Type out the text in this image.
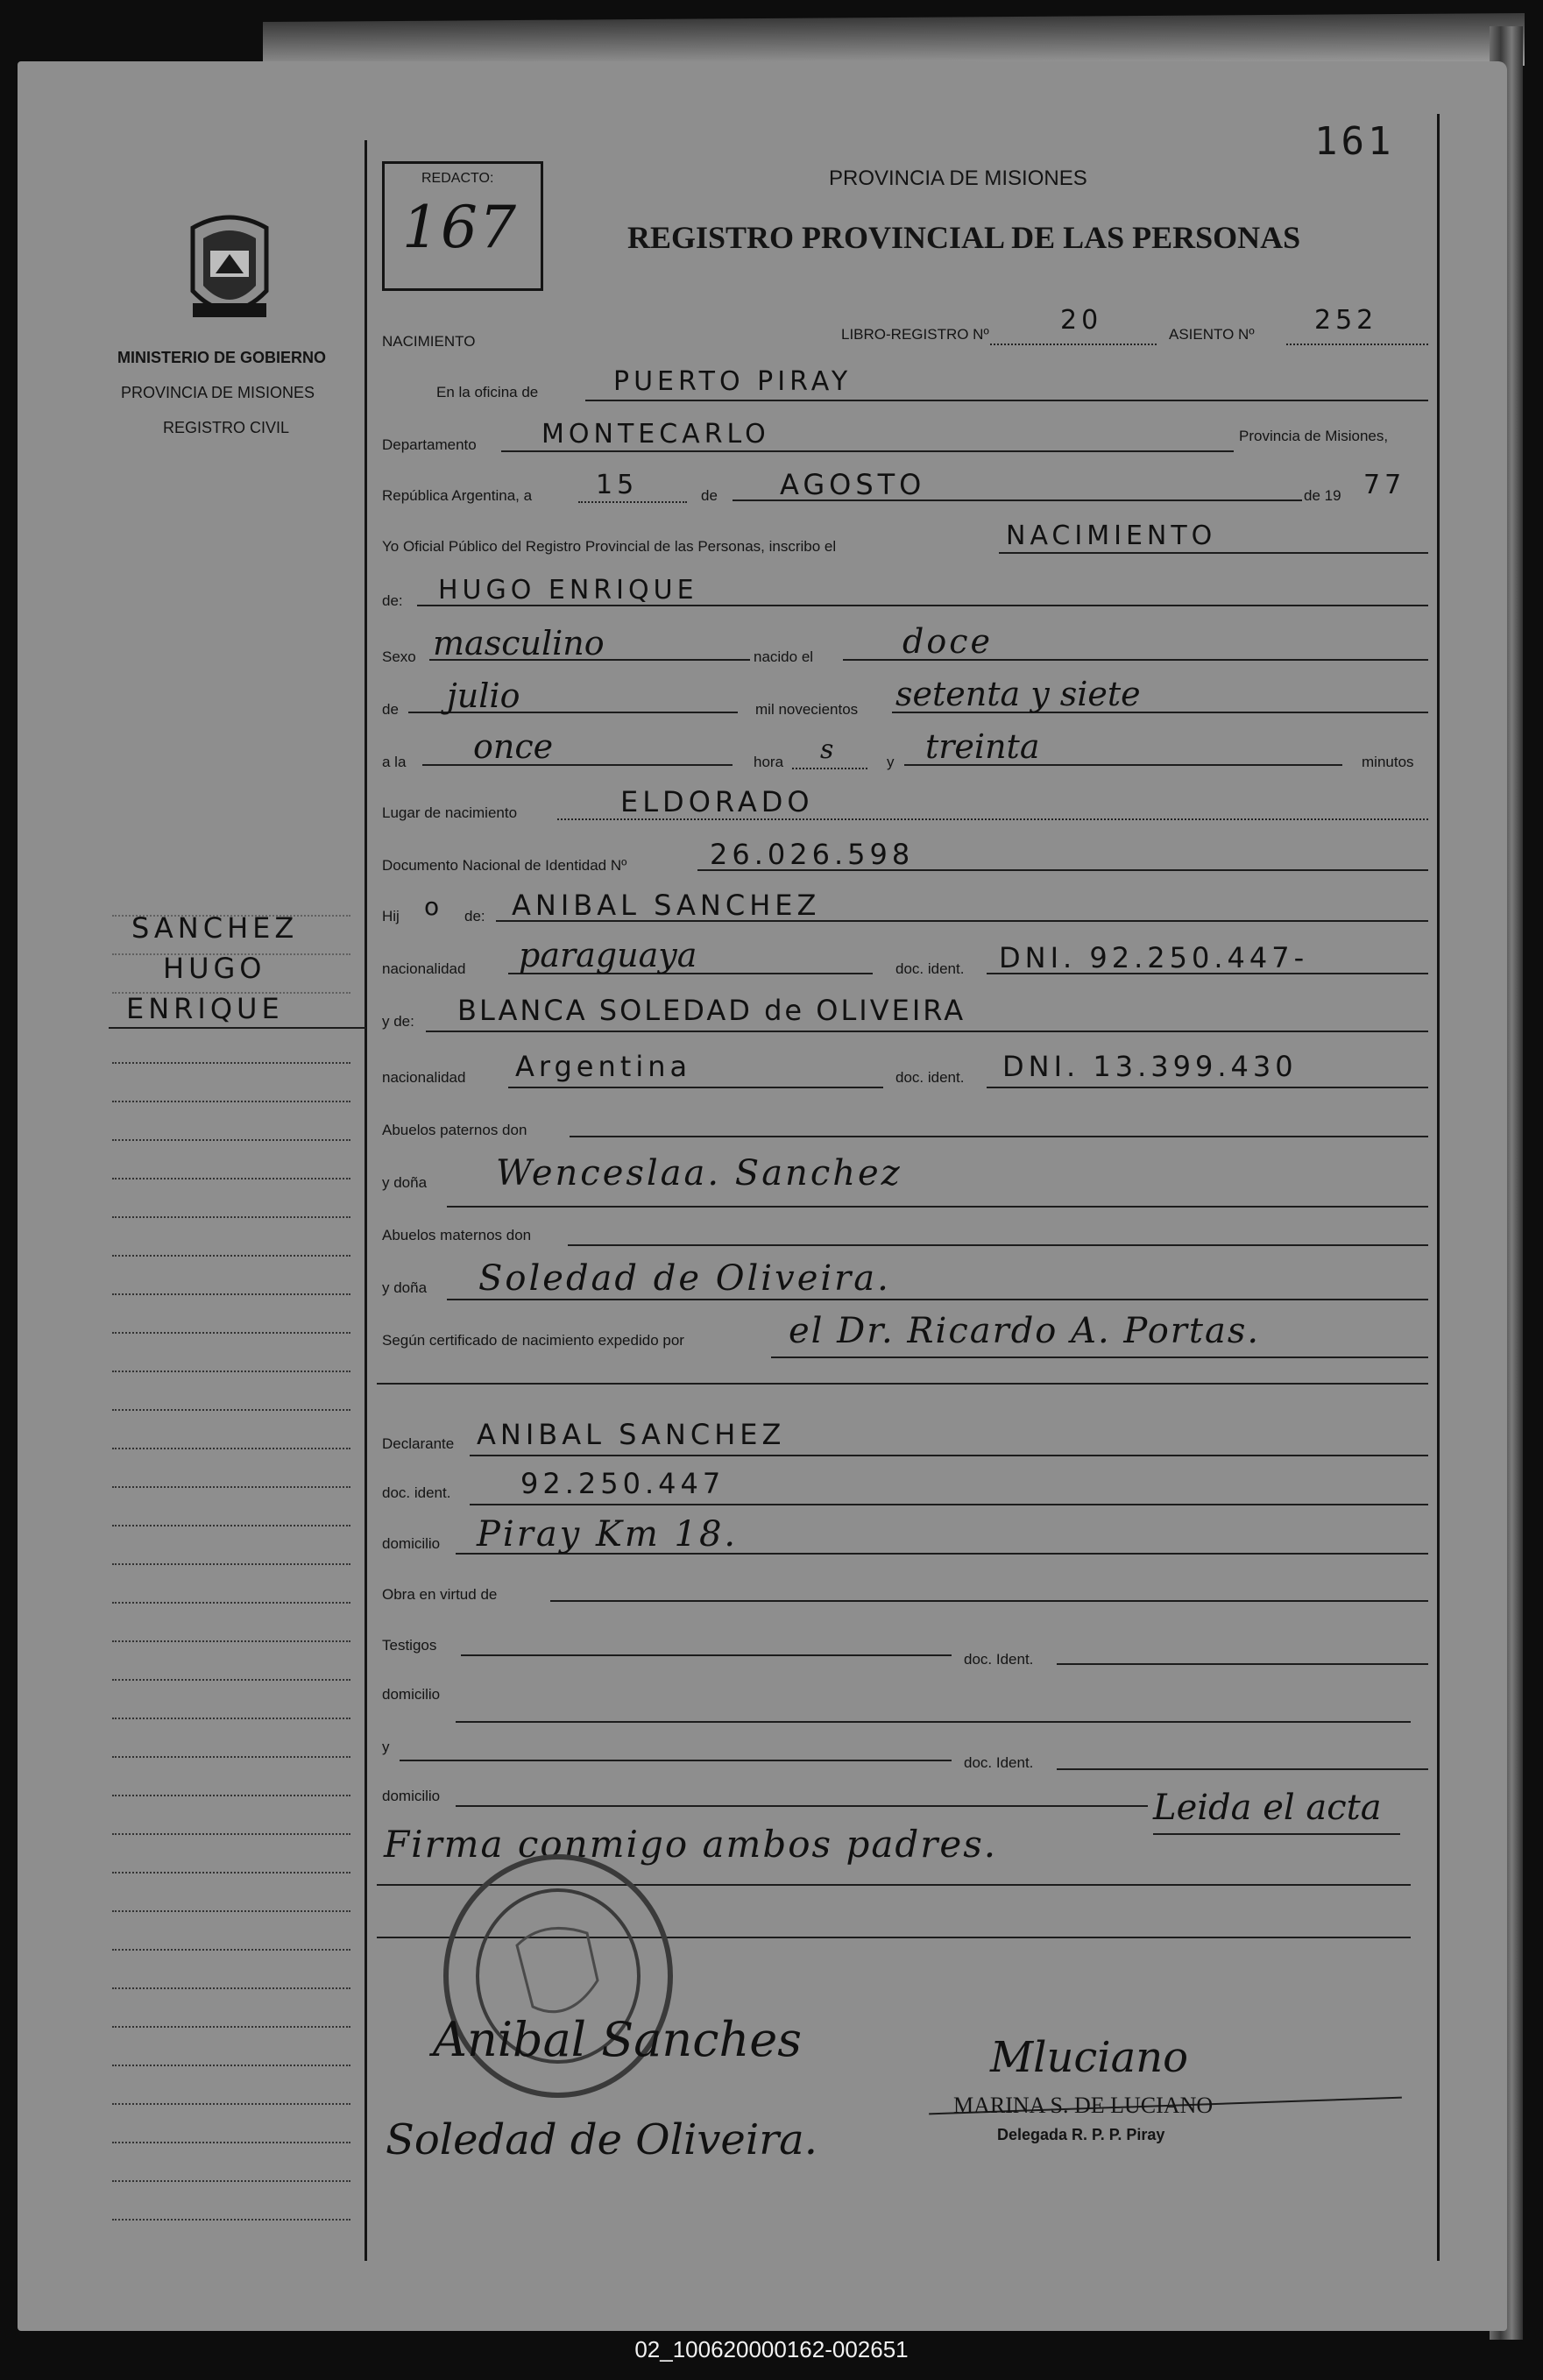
161
REDACTO:
167
PROVINCIA DE MISIONES
REGISTRO PROVINCIAL DE LAS PERSONAS
MINISTERIO DE GOBIERNO
PROVINCIA DE MISIONES
REGISTRO CIVIL
SANCHEZ
HUGO
ENRIQUE
NACIMIENTO	LIBRO-REGISTRO Nº	20	ASIENTO Nº 252
En la oficina de	PUERTO PIRAY
Departamento MONTECARLO	Provincia de Misiones,
República Argentina, a 15	de AGOSTO	de 19 77
Yo Oficial Público del Registro Provincial de las Personas, inscribo el	NACIMIENTO
de: HUGO ENRIQUE
Sexo masculino	nacido el	doce
de julio	mil novecientos setenta y siete
a la once	hora s	y treinta	minutos
Lugar de nacimiento	ELDORADO
Documento Nacional de Identidad Nº	26.026.598
Hij o de: ANIBAL SANCHEZ
nacionalidad paraguaya	doc. ident. DNI. 92.250.447-
y de: BLANCA SOLEDAD de OLIVEIRA
nacionalidad Argentina	doc. ident. DNI. 13.399.430
Abuelos paternos don
y doña Wenceslaa. Sanchez
Abuelos maternos don
y doña Soledad de Oliveira.
Según certificado de nacimiento expedido por	el Dr. Ricardo A. Portas.
Declarante ANIBAL SANCHEZ
doc. ident. 92.250.447
domicilio Piray Km 18.
Obra en virtud de
Testigos
doc. Ident.
domicilio
y
doc. Ident.
domicilio	Leida el acta
Firma conmigo ambos padres.
Anibal Sanches
Soledad de Oliveira.
Mluciano
MARINA S. DE LUCIANO
Delegada R. P. P. Piray
02_100620000162-002651
